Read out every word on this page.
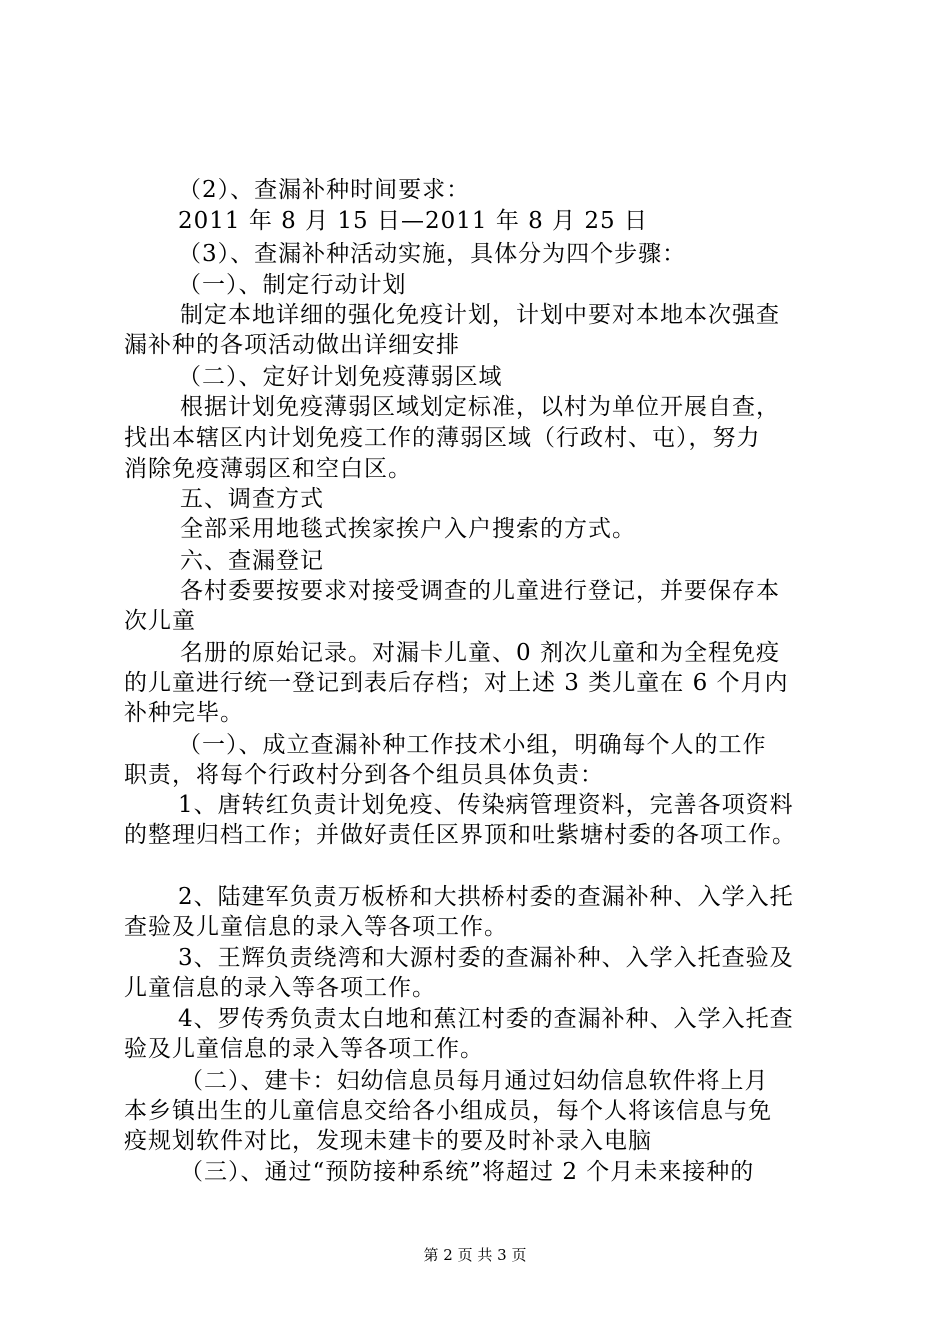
（2）、查漏补种时间要求：
2011 年 8 月 15 日—2011 年 8 月 25 日
（3）、查漏补种活动实施，具体分为四个步骤：
（一）、制定行动计划
制定本地详细的强化免疫计划，计划中要对本地本次强查
漏补种的各项活动做出详细安排
（二）、定好计划免疫薄弱区域
根据计划免疫薄弱区域划定标准，以村为单位开展自查，
找出本辖区内计划免疫工作的薄弱区域（行政村、屯），努力
消除免疫薄弱区和空白区。
五、调查方式
全部采用地毯式挨家挨户入户搜索的方式。
六、查漏登记
各村委要按要求对接受调查的儿童进行登记，并要保存本
次儿童
名册的原始记录。对漏卡儿童、0 剂次儿童和为全程免疫
的儿童进行统一登记到表后存档；对上述 3 类儿童在 6 个月内
补种完毕。
（一）、成立查漏补种工作技术小组，明确每个人的工作
职责，将每个行政村分到各个组员具体负责：
1、唐转红负责计划免疫、传染病管理资料，完善各项资料
的整理归档工作；并做好责任区界顶和吐紫塘村委的各项工作。
2、陆建军负责万板桥和大拱桥村委的查漏补种、入学入托
查验及儿童信息的录入等各项工作。
3、王辉负责绕湾和大源村委的查漏补种、入学入托查验及
儿童信息的录入等各项工作。
4、罗传秀负责太白地和蕉江村委的查漏补种、入学入托查
验及儿童信息的录入等各项工作。
（二）、建卡：妇幼信息员每月通过妇幼信息软件将上月
本乡镇出生的儿童信息交给各小组成员，每个人将该信息与免
疫规划软件对比，发现未建卡的要及时补录入电脑
（三）、通过“预防接种系统”将超过 2 个月未来接种的
第 2 页 共 3 页
